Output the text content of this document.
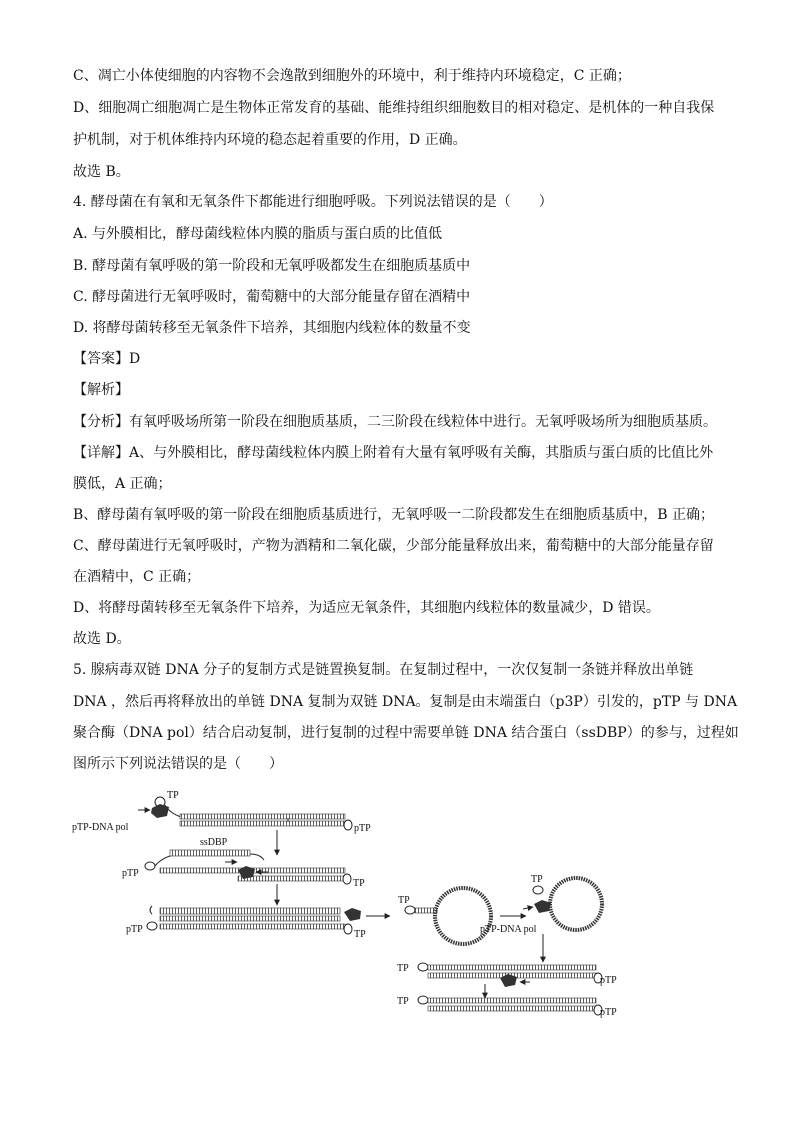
C、凋亡小体使细胞的内容物不会逸散到细胞外的环境中，利于维持内环境稳定，C 正确；
D、细胞凋亡细胞凋亡是生物体正常发育的基础、能维持组织细胞数目的相对稳定、是机体的一种自我保
护机制，对于机体维持内环境的稳态起着重要的作用，D 正确。
故选 B。
4. 酵母菌在有氧和无氧条件下都能进行细胞呼吸。下列说法错误的是（　　）
A. 与外膜相比，酵母菌线粒体内膜的脂质与蛋白质的比值低
B. 酵母菌有氧呼吸的第一阶段和无氧呼吸都发生在细胞质基质中
C. 酵母菌进行无氧呼吸时，葡萄糖中的大部分能量存留在酒精中
D. 将酵母菌转移至无氧条件下培养，其细胞内线粒体的数量不变
【答案】D
【解析】
【分析】有氧呼吸场所第一阶段在细胞质基质，二三阶段在线粒体中进行。无氧呼吸场所为细胞质基质。
【详解】A、与外膜相比，酵母菌线粒体内膜上附着有大量有氧呼吸有关酶，其脂质与蛋白质的比值比外
膜低，A 正确；
B、酵母菌有氧呼吸的第一阶段在细胞质基质进行，无氧呼吸一二阶段都发生在细胞质基质中，B 正确；
C、酵母菌进行无氧呼吸时，产物为酒精和二氧化碳，少部分能量释放出来，葡萄糖中的大部分能量存留
在酒精中，C 正确；
D、将酵母菌转移至无氧条件下培养，为适应无氧条件，其细胞内线粒体的数量减少，D 错误。
故选 D。
5. 腺病毒双链 DNA 分子的复制方式是链置换复制。在复制过程中，一次仅复制一条链并释放出单链
DNA ，然后再将释放出的单链 DNA 复制为双链 DNA。复制是由末端蛋白（p3P）引发的，pTP 与 DNA
聚合酶（DNA pol）结合启动复制，进行复制的过程中需要单链 DNA 结合蛋白（ssDBP）的参与，过程如
图所示下列说法错误的是（　　）
TP
pTP-DNA pol	pTP
ssDBP
pTP
TP
pTP	TP
TP
TP
pTP-DNA pol
TP
pTP
TP
pTP
